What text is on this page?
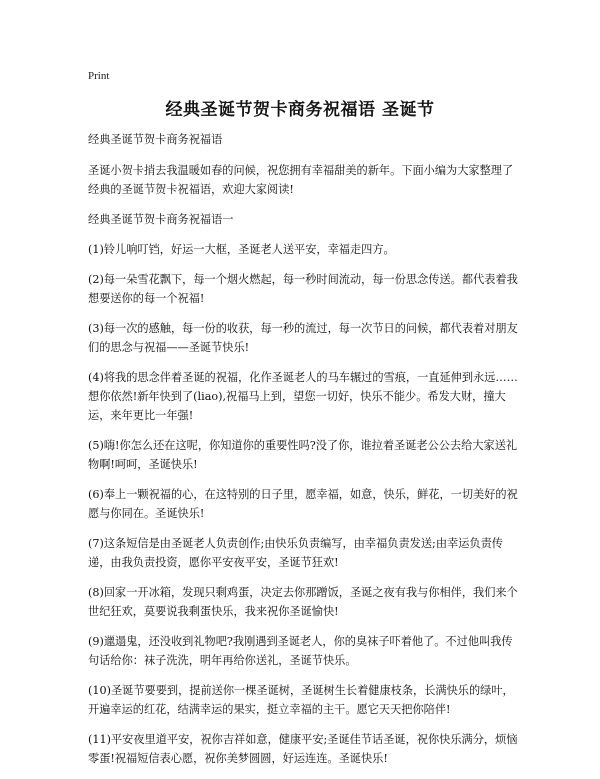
Print
经典圣诞节贺卡商务祝福语 圣诞节

经典圣诞节贺卡商务祝福语

圣诞小贺卡捎去我温暖如春的问候，祝您拥有幸福甜美的新年。下面小编为大家整理了经典的圣诞节贺卡祝福语，欢迎大家阅读!

经典圣诞节贺卡商务祝福语一

(1)铃儿响叮铛，好运一大框，圣诞老人送平安，幸福走四方。

(2)每一朵雪花飘下，每一个烟火燃起，每一秒时间流动，每一份思念传送。都代表着我想要送你的每一个祝福!

(3)每一次的感触，每一份的收获，每一秒的流过，每一次节日的问候，都代表着对朋友们的思念与祝福——圣诞节快乐!

(4)将我的思念伴着圣诞的祝福，化作圣诞老人的马车辗过的雪痕，一直延伸到永远……想你依然!新年快到了(liao),祝福马上到，望您一切好，快乐不能少。希发大财，撞大运，来年更比一年强!

(5)嗨!你怎么还在这呢，你知道你的重要性吗?没了你，谁拉着圣诞老公公去给大家送礼物啊!呵呵，圣诞快乐!

(6)奉上一颗祝福的心，在这特别的日子里，愿幸福，如意，快乐，鲜花，一切美好的祝愿与你同在。圣诞快乐!

(7)这条短信是由圣诞老人负责创作;由快乐负责编写，由幸福负责发送;由幸运负责传递，由我负责投资，愿你平安夜平安，圣诞节狂欢!

(8)回家一开冰箱，发现只剩鸡蛋，决定去你那蹭饭，圣诞之夜有我与你相伴，我们来个世纪狂欢，莫要说我剩蛋快乐，我来祝你圣诞愉快!

(9)邋遢鬼，还没收到礼物吧?我刚遇到圣诞老人，你的臭袜子吓着他了。不过他叫我传句话给你：袜子洗洗，明年再给你送礼，圣诞节快乐。

(10)圣诞节要要到，提前送你一棵圣诞树，圣诞树生长着健康枝条，长满快乐的绿叶，开遍幸运的红花，结满幸运的果实，挺立幸福的主干。愿它天天把你陪伴!

(11)平安夜里道平安，祝你吉祥如意，健康平安;圣诞佳节话圣诞，祝你快乐满分，烦恼零蛋!祝福短信表心愿，祝你美梦圆圆，好运连连。圣诞快乐!
